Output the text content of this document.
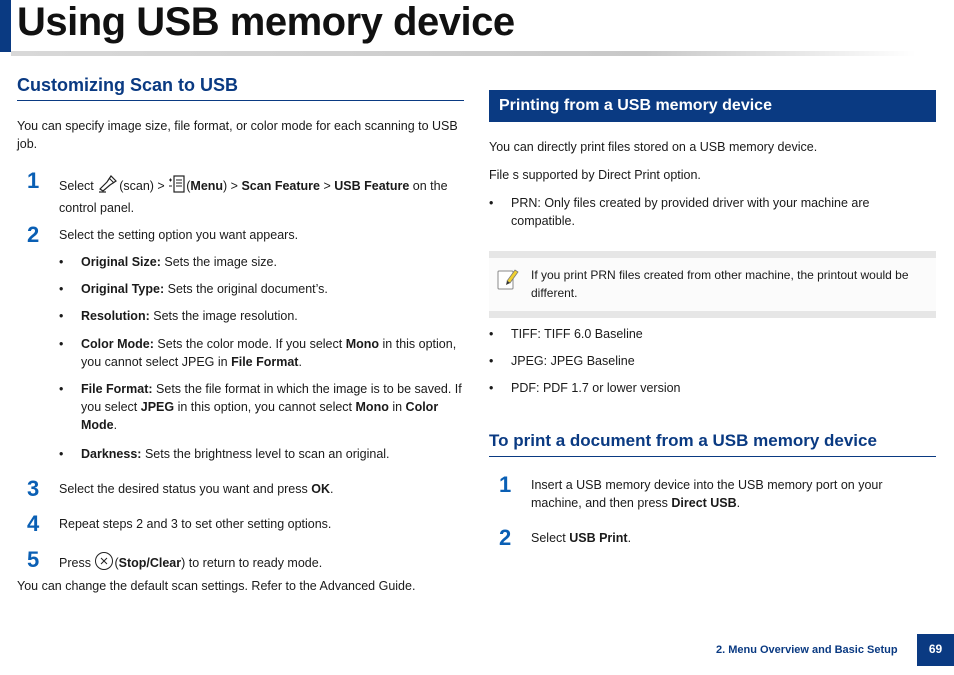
Using USB memory device
Customizing Scan to USB

You can specify image size, file format, or color mode for each scanning to USB job.

1 Select (scan) > (Menu) > Scan Feature > USB Feature on the control panel.
2 Select the setting option you want appears.
• Original Size: Sets the image size.
• Original Type: Sets the original document’s.
• Resolution: Sets the image resolution.
• Color Mode: Sets the color mode. If you select Mono in this option, you cannot select JPEG in File Format.
• File Format: Sets the file format in which the image is to be saved. If you select JPEG in this option, you cannot select Mono in Color Mode.
• Darkness: Sets the brightness level to scan an original.
3 Select the desired status you want and press OK.
4 Repeat steps 2 and 3 to set other setting options.
5 Press (Stop/Clear) to return to ready mode.

You can change the default scan settings. Refer to the Advanced Guide.

Printing from a USB memory device

You can directly print files stored on a USB memory device.

File s supported by Direct Print option.

• PRN: Only files created by provided driver with your machine are compatible.
If you print PRN files created from other machine, the printout would be different.
• TIFF: TIFF 6.0 Baseline
• JPEG: JPEG Baseline
• PDF: PDF 1.7 or lower version
To print a document from a USB memory device
1 Insert a USB memory device into the USB memory port on your machine, and then press Direct USB.
2 Select USB Print.
2. Menu Overview and Basic Setup	69
